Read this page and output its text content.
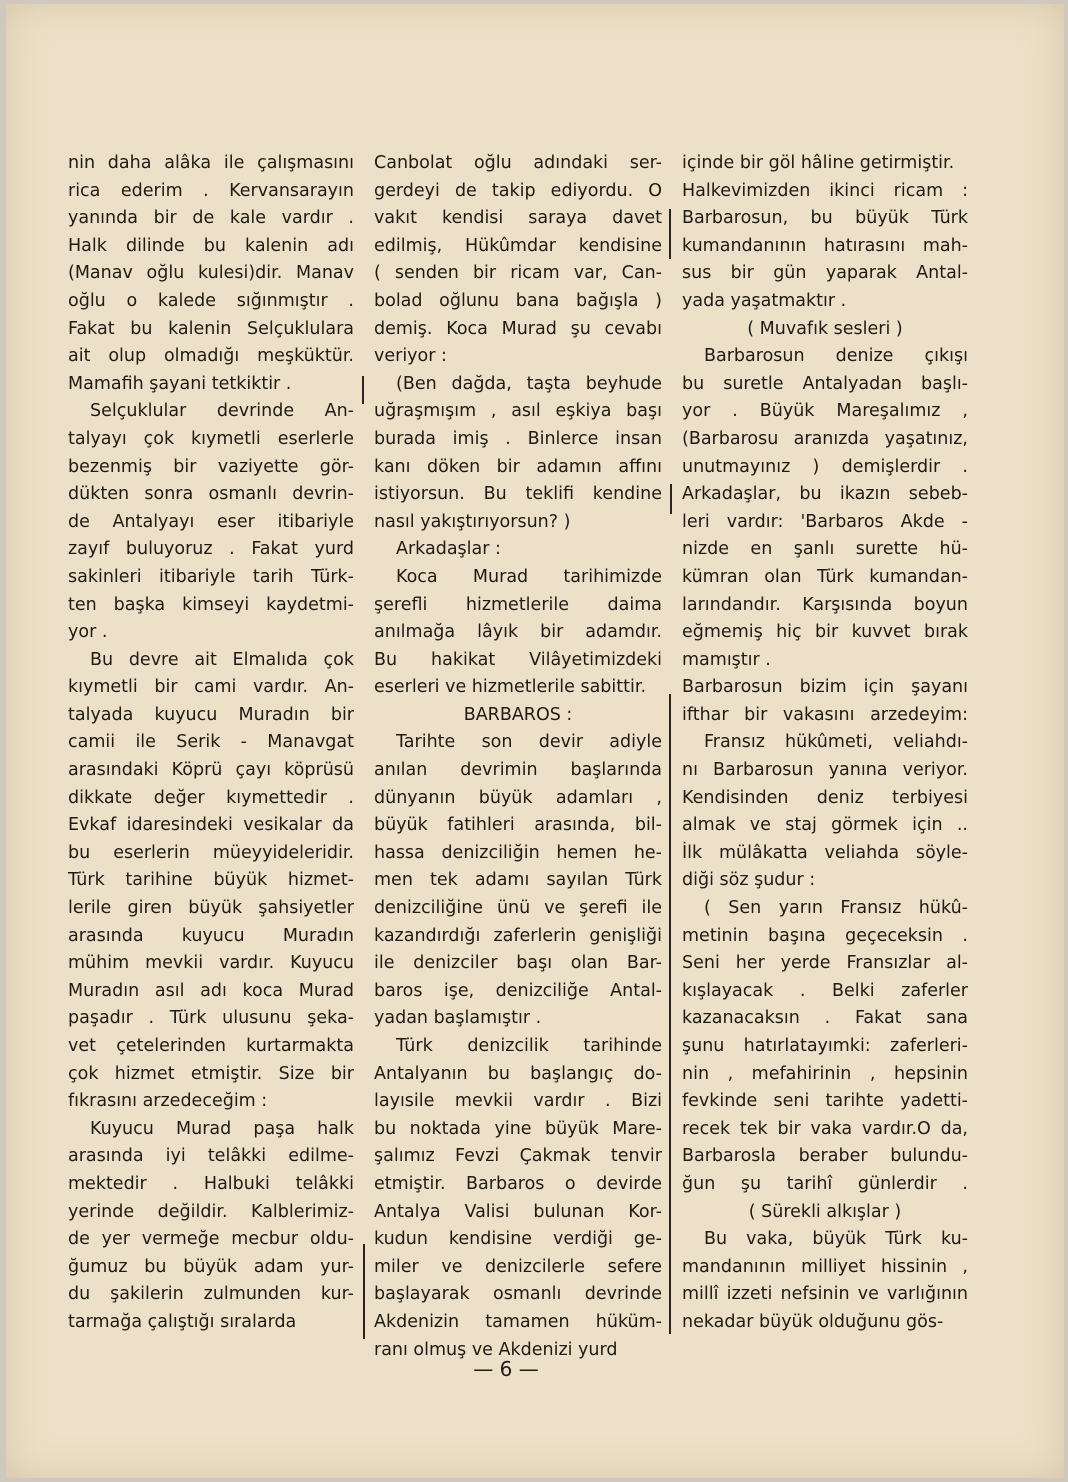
nin daha alâka ile çalışmasını
rica ederim . Kervansarayın
yanında bir de kale vardır .
Halk dilinde bu kalenin adı
(Manav oğlu kulesi)dir. Manav
oğlu o kalede sığınmıştır .
Fakat bu kalenin Selçuklulara
ait olup olmadığı meşküktür.
Mamafih şayani tetkiktir .
Selçuklular devrinde An-
talyayı çok kıymetli eserlerle
bezenmiş bir vaziyette gör-
dükten sonra osmanlı devrin-
de Antalyayı eser itibariyle
zayıf buluyoruz . Fakat yurd
sakinleri itibariyle tarih Türk-
ten başka kimseyi kaydetmi-
yor .
Bu devre ait Elmalıda çok
kıymetli bir cami vardır. An-
talyada kuyucu Muradın bir
camii ile Serik - Manavgat
arasındaki Köprü çayı köprüsü
dikkate değer kıymettedir .
Evkaf idaresindeki vesikalar da
bu eserlerin müeyyideleridir.
Türk tarihine büyük hizmet-
lerile giren büyük şahsiyetler
arasında kuyucu Muradın
mühim mevkii vardır. Kuyucu
Muradın asıl adı koca Murad
paşadır . Türk ulusunu şeka-
vet çetelerinden kurtarmakta
çok hizmet etmiştir. Size bir
fıkrasını arzedeceğim :
Kuyucu Murad paşa halk
arasında iyi telâkki edilme-
mektedir . Halbuki telâkki
yerinde değildir. Kalblerimiz-
de yer vermeğe mecbur oldu-
ğumuz bu büyük adam yur-
du şakilerin zulmunden kur-
tarmağa çalıştığı sıralarda
Canbolat oğlu adındaki ser-
gerdeyi de takip ediyordu. O
vakıt kendisi saraya davet
edilmiş, Hükûmdar kendisine
( senden bir ricam var, Can-
bolad oğlunu bana bağışla )
demiş. Koca Murad şu cevabı
veriyor :
(Ben dağda, taşta beyhude
uğraşmışım , asıl eşkiya başı
burada imiş . Binlerce insan
kanı döken bir adamın affını
istiyorsun. Bu teklifi kendine
nasıl yakıştırıyorsun? )
Arkadaşlar :
Koca Murad tarihimizde
şerefli hizmetlerile daima
anılmağa lâyık bir adamdır.
Bu hakikat Vilâyetimizdeki
eserleri ve hizmetlerile sabittir.
BARBAROS :
Tarihte son devir adiyle
anılan devrimin başlarında
dünyanın büyük adamları ,
büyük fatihleri arasında, bil-
hassa denizciliğin hemen he-
men tek adamı sayılan Türk
denizciliğine ünü ve şerefi ile
kazandırdığı zaferlerin genişliği
ile denizciler başı olan Bar-
baros işe, denizciliğe Antal-
yadan başlamıştır .
Türk denizcilik tarihinde
Antalyanın bu başlangıç do-
layısile mevkii vardır . Bizi
bu noktada yine büyük Mare-
şalımız Fevzi Çakmak tenvir
etmiştir. Barbaros o devirde
Antalya Valisi bulunan Kor-
kudun kendisine verdiği ge-
miler ve denizcilerle sefere
başlayarak osmanlı devrinde
Akdenizin tamamen hüküm-
ranı olmuş ve Akdenizi yurd
içinde bir göl hâline getirmiştir.
Halkevimizden ikinci ricam :
Barbarosun, bu büyük Türk
kumandanının hatırasını mah-
sus bir gün yaparak Antal-
yada yaşatmaktır .
( Muvafık sesleri )
Barbarosun denize çıkışı
bu suretle Antalyadan başlı-
yor . Büyük Mareşalımız ,
(Barbarosu aranızda yaşatınız,
unutmayınız ) demişlerdir .
Arkadaşlar, bu ikazın sebeb-
leri vardır: 'Barbaros Akde -
nizde en şanlı surette hü-
kümran olan Türk kumandan-
larındandır. Karşısında boyun
eğmemiş hiç bir kuvvet bırak
mamıştır .
Barbarosun bizim için şayanı
ifthar bir vakasını arzedeyim:
Fransız hükûmeti, veliahdı-
nı Barbarosun yanına veriyor.
Kendisinden deniz terbiyesi
almak ve staj görmek için ..
İlk mülâkatta veliahda söyle-
diği söz şudur :
( Sen yarın Fransız hükû-
metinin başına geçeceksin .
Seni her yerde Fransızlar al-
kışlayacak . Belki zaferler
kazanacaksın . Fakat sana
şunu hatırlatayımki: zaferleri-
nin , mefahirinin , hepsinin
fevkinde seni tarihte yadetti-
recek tek bir vaka vardır.O da,
Barbarosla beraber bulundu-
ğun şu tarihî günlerdir .
( Sürekli alkışlar )
Bu vaka, büyük Türk ku-
mandanının milliyet hissinin ,
millî izzeti nefsinin ve varlığının
nekadar büyük olduğunu gös-
— 6 —
